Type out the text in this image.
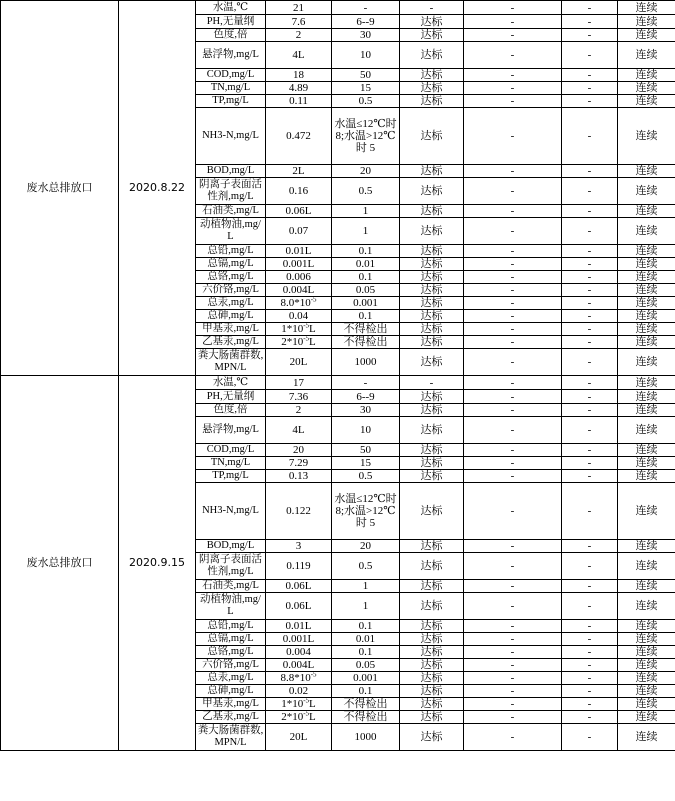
废水总排放口	2020.8.22	水温,℃	21	-	-	-	-	连续	
		PH,无量纲	7.6	6--9	达标	-	-	连续	
		色度,倍	2	30	达标	-	-	连续	
		悬浮物,mg/L	4L	10	达标	-	-	连续	
		COD,mg/L	18	50	达标	-	-	连续	
		TN,mg/L	4.89	15	达标	-	-	连续	
		TP,mg/L	0.11	0.5	达标	-	-	连续	
		NH3-N,mg/L	0.472	水温≤12℃时 8;水温>12℃时 5	达标	-	-	连续	
		BOD,mg/L	2L	20	达标	-	-	连续	
		阴离子表面活性剂,mg/L	0.16	0.5	达标	-	-	连续	
		石油类,mg/L	0.06L	1	达标	-	-	连续	
		动植物油,mg/L	0.07	1	达标	-	-	连续	
		总铅,mg/L	0.01L	0.1	达标	-	-	连续	
		总镉,mg/L	0.001L	0.01	达标	-	-	连续	
		总铬,mg/L	0.006	0.1	达标	-	-	连续	
		六价铬,mg/L	0.004L	0.05	达标	-	-	连续	
		总汞,mg/L	$8.0*10^{-5}$	0.001	达标	-	-	连续	
		总砷,mg/L	0.04	0.1	达标	-	-	连续	
		甲基汞,mg/L	$1*10^{-5}L$	不得检出	达标	-	-	连续	
		乙基汞,mg/L	$2*10^{-5}L$	不得检出	达标	-	-	连续	
		粪大肠菌群数,MPN/L	20L	1000	达标	-	-	连续	
废水总排放口	2020.9.15	水温,℃	17	-	-	-	-	连续	
		PH,无量纲	7.36	6--9	达标	-	-	连续	
		色度,倍	2	30	达标	-	-	连续	
		悬浮物,mg/L	4L	10	达标	-	-	连续	
		COD,mg/L	20	50	达标	-	-	连续	
		TN,mg/L	7.29	15	达标	-	-	连续	
		TP,mg/L	0.13	0.5	达标	-	-	连续	
		NH3-N,mg/L	0.122	水温≤12℃时 8;水温>12℃时 5	达标	-	-	连续	
		BOD,mg/L	3	20	达标	-	-	连续	
		阴离子表面活性剂,mg/L	0.119	0.5	达标	-	-	连续	
		石油类,mg/L	0.06L	1	达标	-	-	连续	
		动植物油,mg/L	0.06L	1	达标	-	-	连续	
		总铅,mg/L	0.01L	0.1	达标	-	-	连续	
		总镉,mg/L	0.001L	0.01	达标	-	-	连续	
		总铬,mg/L	0.004	0.1	达标	-	-	连续	
		六价铬,mg/L	0.004L	0.05	达标	-	-	连续	
		总汞,mg/L	$8.8*10^{-5}$	0.001	达标	-	-	连续	
		总砷,mg/L	0.02	0.1	达标	-	-	连续	
		甲基汞,mg/L	$1*10^{-5}L$	不得检出	达标	-	-	连续	
		乙基汞,mg/L	$2*10^{-5}L$	不得检出	达标	-	-	连续	
		粪大肠菌群数,MPN/L	20L	1000	达标	-	-	连续	
